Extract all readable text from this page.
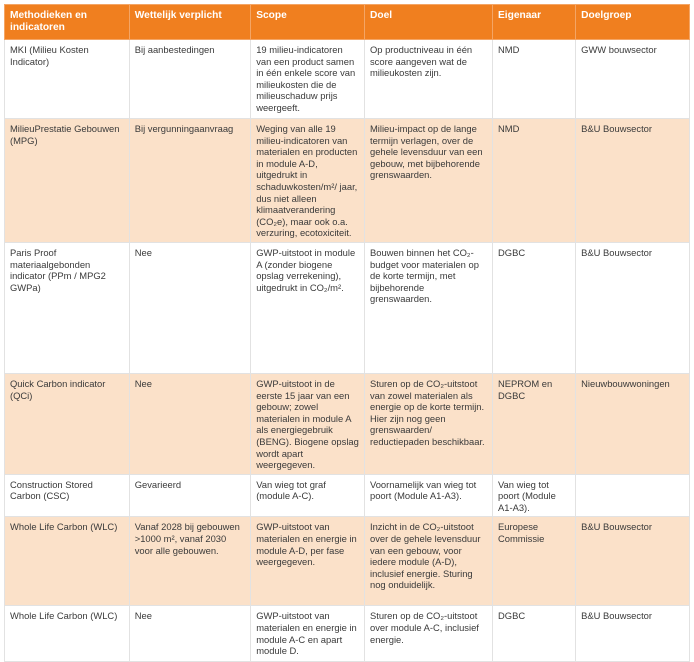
Methodieken en indicatoren	Wettelijk verplicht	Scope	Doel	Eigenaar	Doelgroep
MKI (Milieu Kosten Indicator)	Bij aanbestedingen	19 milieu-indicatoren van een product samen in één enkele score van milieukosten die de milieuschaduw prijs weergeeft.	Op productniveau in één score aangeven wat de milieukosten zijn.	NMD	GWW bouwsector
MilieuPrestatie Gebouwen (MPG)	Bij vergunningaanvraag	Weging van alle 19 milieu-indicatoren van materialen en producten in module A-D, uitgedrukt in schaduwkosten/m²/ jaar, dus niet alleen klimaatverandering (CO₂e), maar ook o.a. verzuring, ecotoxiciteit.	Milieu-impact op de lange termijn verlagen, over de gehele levensduur van een gebouw, met bijbehorende grenswaarden.	NMD	B&U Bouwsector
Paris Proof materiaalgebonden indicator (PPm / MPG2 GWPa)	Nee	GWP-uitstoot in module A (zonder biogene opslag verrekening), uitgedrukt in CO₂/m².	Bouwen binnen het CO₂-budget voor materialen op de korte termijn, met bijbehorende grenswaarden.	DGBC	B&U Bouwsector
Quick Carbon indicator (QCi)	Nee	GWP-uitstoot in de eerste 15 jaar van een gebouw; zowel materialen in module A als energiegebruik (BENG). Biogene opslag wordt apart weergegeven.	Sturen op de CO₂-uitstoot van zowel materialen als energie op de korte termijn. Hier zijn nog geen grenswaarden/ reductiepaden beschikbaar.	NEPROM en DGBC	Nieuwbouwwoningen
Construction Stored Carbon (CSC)	Gevarieerd	Van wieg tot graf (module A-C).	Voornamelijk van wieg tot poort (Module A1-A3).	Van wieg tot poort (Module A1-A3).	
Whole Life Carbon (WLC)	Vanaf 2028 bij gebouwen >1000 m², vanaf 2030 voor alle gebouwen.	GWP-uitstoot van materialen en energie in module A-D, per fase weergegeven.	Inzicht in de CO₂-uitstoot over de gehele levensduur van een gebouw, voor iedere module (A-D), inclusief energie. Sturing nog onduidelijk.	Europese Commissie	B&U Bouwsector
Whole Life Carbon (WLC)	Nee	GWP-uitstoot van materialen en energie in module A-C en apart module D.	Sturen op de CO₂-uitstoot over module A-C, inclusief energie.	DGBC	B&U Bouwsector
